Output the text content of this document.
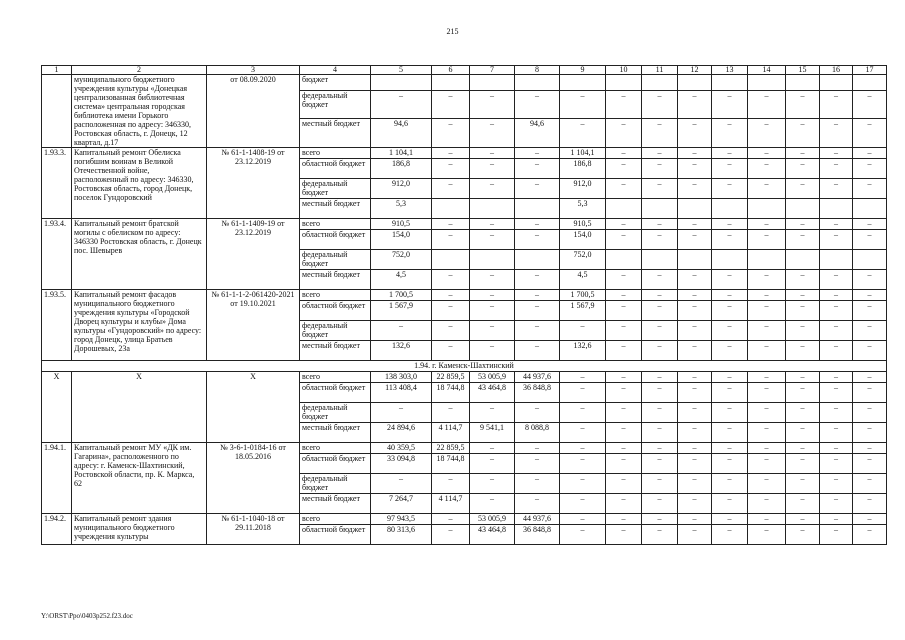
215
1	2	3	4	5	6	7	8	9	10	11	12	13	14	15	16	17
	муниципального бюджетного учреждения культуры «Донецкая централизованная библиотечная система» центральная городская библиотека имени Горького расположенная по адресу: 346330, Ростовская область, г. Донецк, 12 квартал, д.17	от 08.09.2020	бюджет													
			федеральный бюджет	–	–	–	–	–	–	–	–	–	–	–	–	–
			местный бюджет	94,6	–	–	94,6	–	–	–	–	–	–	–	–	–
1.93.3.	Капитальный ремонт Обелиска погибшим воинам в Великой Отечественной войне, расположенный по адресу: 346330, Ростовская область, город Донецк, поселок Гундоровский	№ 61-1-1408-19 от 23.12.2019	всего	1 104,1	–	–	–	1 104,1	–	–	–	–	–	–	–	–
			областной бюджет	186,8	–	–	–	186,8	–	–	–	–	–	–	–	–
			федеральный бюджет	912,0	–	–	–	912,0	–	–	–	–	–	–	–	–
			местный бюджет	5,3				5,3								
1.93.4.	Капитальный ремонт братской могилы с обелиском по адресу: 346330 Ростовская область, г. Донецк пос. Шевырев	№ 61-1-1409-19 от 23.12.2019	всего	910,5	–	–	–	910,5	–	–	–	–	–	–	–	–
			областной бюджет	154,0	–	–	–	154,0	–	–	–	–	–	–	–	–
			федеральный бюджет	752,0				752,0								
			местный бюджет	4,5	–	–	–	4,5	–	–	–	–	–	–	–	–
1.93.5.	Капитальный ремонт фасадов муниципального бюджетного учреждения культуры «Городской Дворец культуры и клубы» Дома культуры «Гундоровский» по адресу: город Донецк, улица Братьев Дорошевых, 23а	№ 61-1-1-2-061420-2021 от 19.10.2021	всего	1 700,5	–	–	–	1 700,5	–	–	–	–	–	–	–	–
			областной бюджет	1 567,9	–	–	–	1 567,9	–	–	–	–	–	–	–	–
			федеральный бюджет	–	–	–	–	–	–	–	–	–	–	–	–	–
			местный бюджет	132,6	–	–	–	132,6	–	–	–	–	–	–	–	–
1.94. г. Каменск-Шахтинский																
Х	Х	Х	всего	138 303,0	22 859,5	53 005,9	44 937,6	–	–	–	–	–	–	–	–	–
			областной бюджет	113 408,4	18 744,8	43 464,8	36 848,8	–	–	–	–	–	–	–	–	–
			федеральный бюджет	–	–	–	–	–	–	–	–	–	–	–	–	–
			местный бюджет	24 894,6	4 114,7	9 541,1	8 088,8	–	–	–	–	–	–	–	–	–
1.94.1.	Капитальный ремонт МУ «ДК им. Гагарина», расположенного по адресу: г. Каменск-Шахтинский, Ростовской области, пр. К. Маркса, 62	№ 3-6-1-0184-16 от 18.05.2016	всего	40 359,5	22 859,5	–	–	–	–	–	–	–	–	–	–	–
			областной бюджет	33 094,8	18 744,8	–	–	–	–	–	–	–	–	–	–	–
			федеральный бюджет	–	–	–	–	–	–	–	–	–	–	–	–	–
			местный бюджет	7 264,7	4 114,7	–	–	–	–	–	–	–	–	–	–	–
1.94.2.	Капитальный ремонт здания муниципального бюджетного учреждения культуры	№ 61-1-1040-18 от 29.11.2018	всего	97 943,5	–	53 005,9	44 937,6	–	–	–	–	–	–	–	–	–
			областной бюджет	80 313,6	–	43 464,8	36 848,8	–	–	–	–	–	–	–	–	–
Y:\ORST\Ppo\0403p252.f23.doc
